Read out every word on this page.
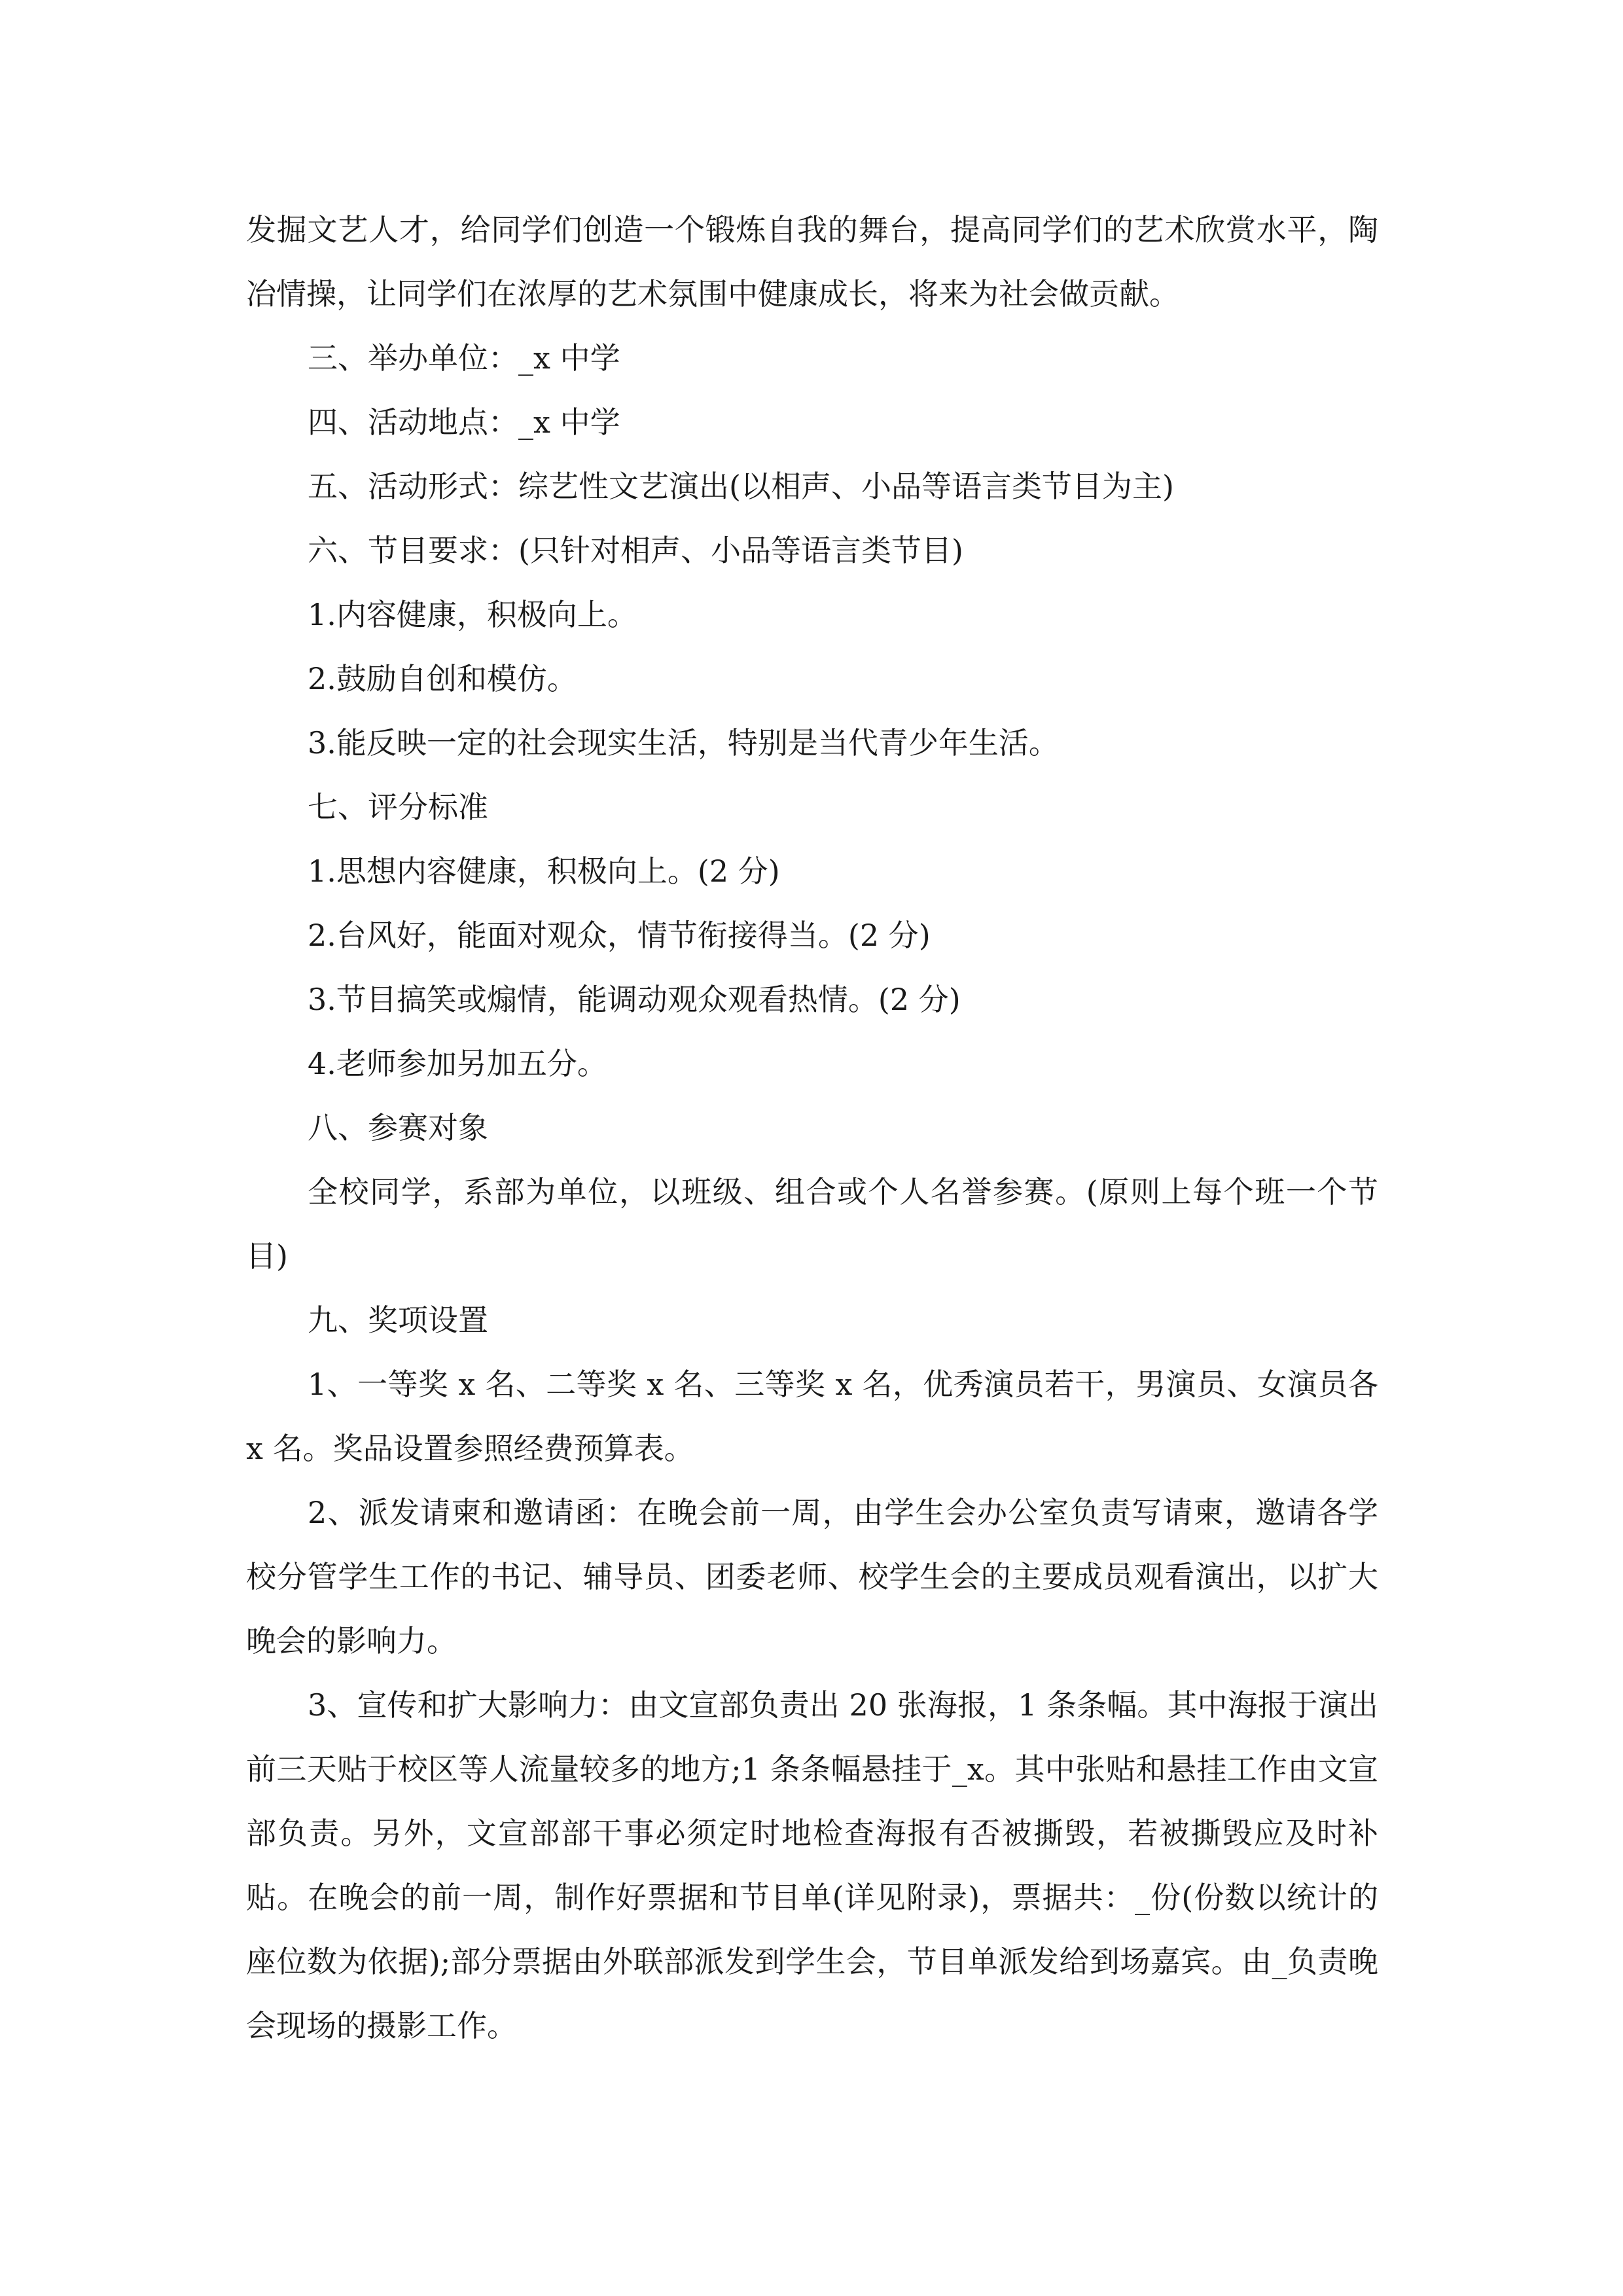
发掘文艺人才，给同学们创造一个锻炼自我的舞台，提高同学们的艺术欣赏水平，陶冶情操，让同学们在浓厚的艺术氛围中健康成长，将来为社会做贡献。

三、举办单位：_x 中学

四、活动地点：_x 中学

五、活动形式：综艺性文艺演出(以相声、小品等语言类节目为主)

六、节目要求：(只针对相声、小品等语言类节目)

1.内容健康，积极向上。

2.鼓励自创和模仿。

3.能反映一定的社会现实生活，特别是当代青少年生活。

七、评分标准

1.思想内容健康，积极向上。(2 分)

2.台风好，能面对观众，情节衔接得当。(2 分)

3.节目搞笑或煽情，能调动观众观看热情。(2 分)

4.老师参加另加五分。

八、参赛对象

全校同学，系部为单位，以班级、组合或个人名誉参赛。(原则上每个班一个节目)

九、奖项设置

1、一等奖 x 名、二等奖 x 名、三等奖 x 名，优秀演员若干，男演员、女演员各 x 名。奖品设置参照经费预算表。

2、派发请柬和邀请函：在晚会前一周，由学生会办公室负责写请柬，邀请各学校分管学生工作的书记、辅导员、团委老师、校学生会的主要成员观看演出，以扩大晚会的影响力。

3、宣传和扩大影响力：由文宣部负责出 20 张海报，1 条条幅。其中海报于演出前三天贴于校区等人流量较多的地方;1 条条幅悬挂于_x。其中张贴和悬挂工作由文宣部负责。另外，文宣部部干事必须定时地检查海报有否被撕毁，若被撕毁应及时补贴。在晚会的前一周，制作好票据和节目单(详见附录)，票据共：_份(份数以统计的座位数为依据);部分票据由外联部派发到学生会，节目单派发给到场嘉宾。由_负责晚会现场的摄影工作。
